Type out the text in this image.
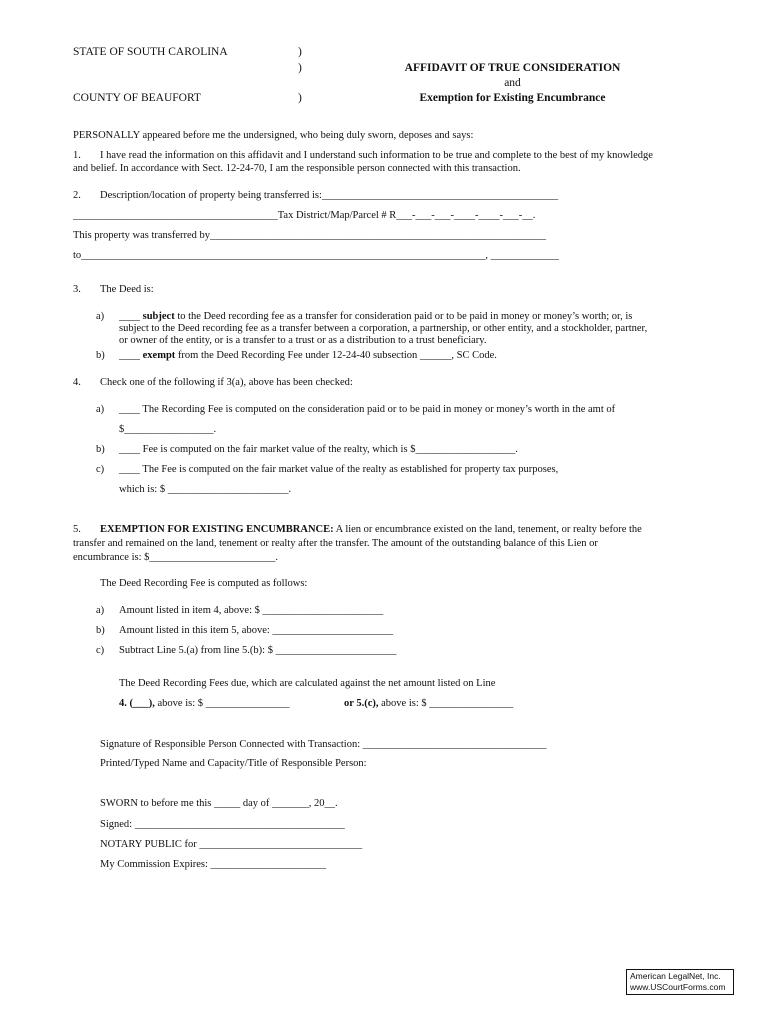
STATE OF SOUTH CAROLINA	)
)
)
COUNTY OF BEAUFORT
AFFIDAVIT OF TRUE CONSIDERATION
and
Exemption for Existing Encumbrance
PERSONALLY appeared before me the undersigned, who being duly sworn, deposes and says:
1. I have read the information on this affidavit and I understand such information to be true and complete to the best of my knowledge
and belief. In accordance with Sect. 12-24-70, I am the responsible person connected with this transaction.
2. Description/location of property being transferred is:_____________________________________________
_______________________________________Tax District/Map/Parcel # R___-___-___-____-____-___-__.
This property was transferred by________________________________________________________________
to_____________________________________________________________________________, _____________
3. The Deed is:
a) ____ subject to the Deed recording fee as a transfer for consideration paid or to be paid in money or money’s worth; or, is
subject to the Deed recording fee as a transfer between a corporation, a partnership, or other entity, and a stockholder, partner,
or owner of the entity, or is a transfer to a trust or as a distribution to a trust beneficiary.
b) ____ exempt from the Deed Recording Fee under 12-24-40 subsection ______, SC Code.
4. Check one of the following if 3(a), above has been checked:
a) ____ The Recording Fee is computed on the consideration paid or to be paid in money or money’s worth in the amt of
$_________________.
b) ____ Fee is computed on the fair market value of the realty, which is $___________________.
c) ____ The Fee is computed on the fair market value of the realty as established for property tax purposes,
which is: $ _______________________.
5. EXEMPTION FOR EXISTING ENCUMBRANCE: A lien or encumbrance existed on the land, tenement, or realty before the
transfer and remained on the land, tenement or realty after the transfer. The amount of the outstanding balance of this Lien or
encumbrance is: $________________________.
The Deed Recording Fee is computed as follows:
a) Amount listed in item 4, above: $ _______________________
b) Amount listed in this item 5, above: _______________________
c) Subtract Line 5.(a) from line 5.(b): $ _______________________
The Deed Recording Fees due, which are calculated against the net amount listed on Line
4. (___), above is: $ ________________	or 5.(c), above is: $ ________________
Signature of Responsible Person Connected with Transaction: ___________________________________
Printed/Typed Name and Capacity/Title of Responsible Person:
SWORN to before me this _____ day of _______, 20__.
Signed: ________________________________________
NOTARY PUBLIC for _______________________________
My Commission Expires: ______________________
American LegalNet, Inc.
www.USCourtForms.com
